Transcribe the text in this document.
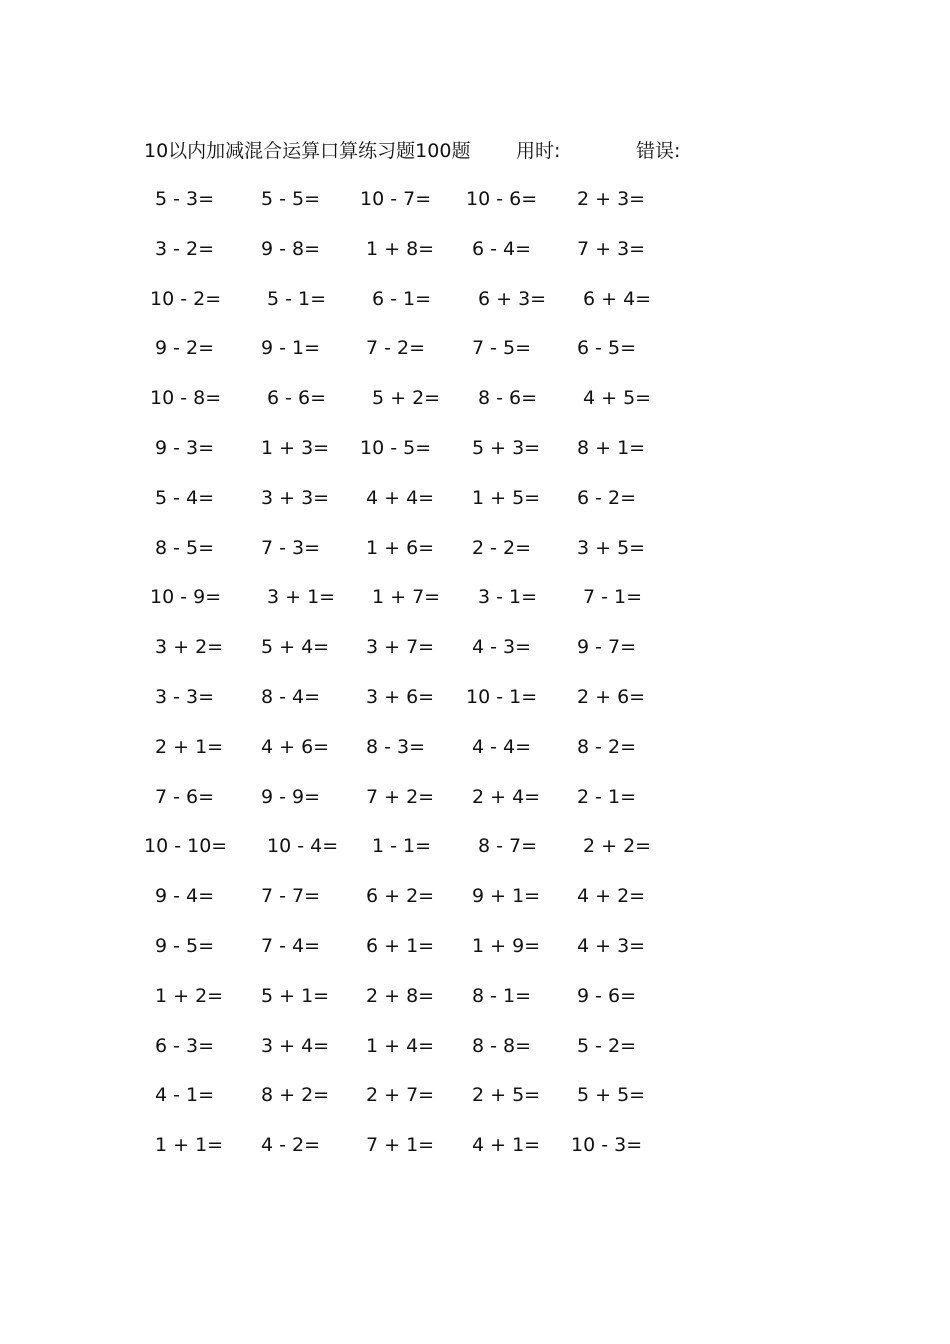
10以内加减混合运算口算练习题100题 用时:	错误:
5 - 3= 5 - 5= 10 - 7= 10 - 6= 2 + 3=
3 - 2= 9 - 8= 1 + 8= 6 - 4= 7 + 3=
10 - 2= 5 - 1= 6 - 1= 6 + 3= 6 + 4=
9 - 2= 9 - 1= 7 - 2= 7 - 5= 6 - 5=
10 - 8= 6 - 6= 5 + 2= 8 - 6= 4 + 5=
9 - 3= 1 + 3= 10 - 5= 5 + 3= 8 + 1=
5 - 4= 3 + 3= 4 + 4= 1 + 5= 6 - 2=
8 - 5= 7 - 3= 1 + 6= 2 - 2= 3 + 5=
10 - 9= 3 + 1= 1 + 7= 3 - 1= 7 - 1=
3 + 2= 5 + 4= 3 + 7= 4 - 3= 9 - 7=
3 - 3= 8 - 4= 3 + 6= 10 - 1= 2 + 6=
2 + 1= 4 + 6= 8 - 3= 4 - 4= 8 - 2=
7 - 6= 9 - 9= 7 + 2= 2 + 4= 2 - 1=
10 - 10= 10 - 4= 1 - 1= 8 - 7= 2 + 2=
9 - 4= 7 - 7= 6 + 2= 9 + 1= 4 + 2=
9 - 5= 7 - 4= 6 + 1= 1 + 9= 4 + 3=
1 + 2= 5 + 1= 2 + 8= 8 - 1= 9 - 6=
6 - 3= 3 + 4= 1 + 4= 8 - 8= 5 - 2=
4 - 1= 8 + 2= 2 + 7= 2 + 5= 5 + 5=
1 + 1= 4 - 2= 7 + 1= 4 + 1= 10 - 3=
